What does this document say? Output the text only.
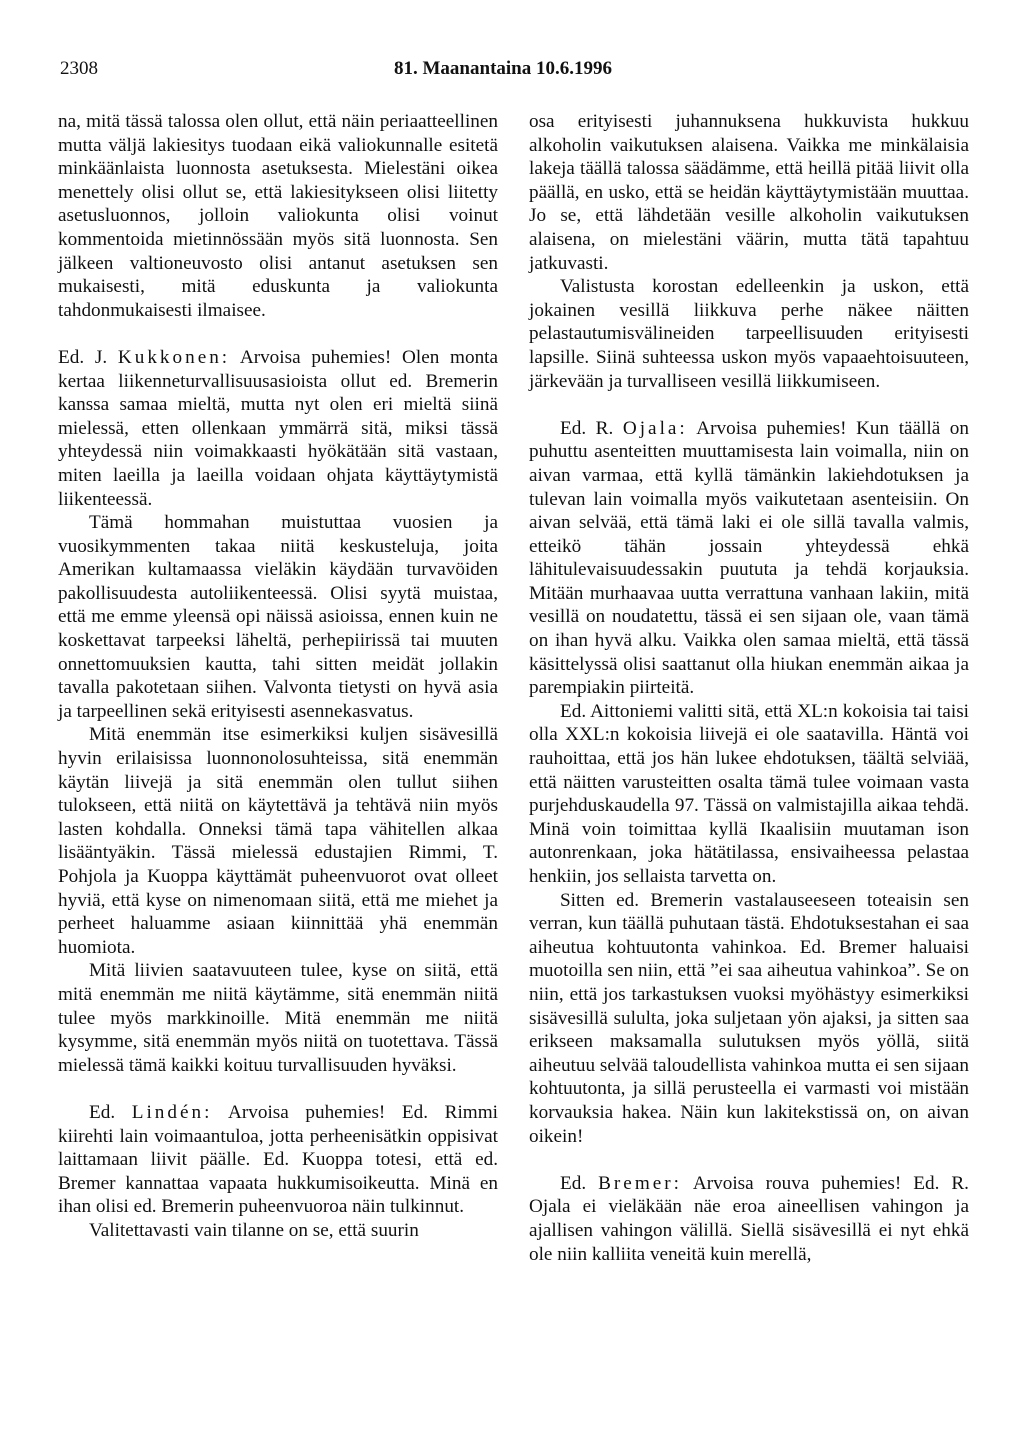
2308	81. Maanantaina 10.6.1996

na, mitä tässä talossa olen ollut, että näin periaatteellinen mutta väljä lakiesitys tuodaan eikä valiokunnalle esitetä minkäänlaista luonnosta asetuksesta. Mielestäni oikea menettely olisi ollut se, että lakiesitykseen olisi liitetty asetusluonnos, jolloin valiokunta olisi voinut kommentoida mietinnössään myös sitä luonnosta. Sen jälkeen valtioneuvosto olisi antanut asetuksen sen mukaisesti, mitä eduskunta ja valiokunta tahdonmukaisesti ilmaisee.

Ed. J. Kukkonen: Arvoisa puhemies! Olen monta kertaa liikenneturvallisuusasioista ollut ed. Bremerin kanssa samaa mieltä, mutta nyt olen eri mieltä siinä mielessä, etten ollenkaan ymmärrä sitä, miksi tässä yhteydessä niin voimakkaasti hyökätään sitä vastaan, miten laeilla ja laeilla voidaan ohjata käyttäytymistä liikenteessä.

Tämä hommahan muistuttaa vuosien ja vuosikymmenten takaa niitä keskusteluja, joita Amerikan kultamaassa vieläkin käydään turvavöiden pakollisuudesta autoliikenteessä. Olisi syytä muistaa, että me emme yleensä opi näissä asioissa, ennen kuin ne koskettavat tarpeeksi läheltä, perhepiirissä tai muuten onnettomuuksien kautta, tahi sitten meidät jollakin tavalla pakotetaan siihen. Valvonta tietysti on hyvä asia ja tarpeellinen sekä erityisesti asennekasvatus.

Mitä enemmän itse esimerkiksi kuljen sisävesillä hyvin erilaisissa luonnonolosuhteissa, sitä enemmän käytän liivejä ja sitä enemmän olen tullut siihen tulokseen, että niitä on käytettävä ja tehtävä niin myös lasten kohdalla. Onneksi tämä tapa vähitellen alkaa lisääntyäkin. Tässä mielessä edustajien Rimmi, T. Pohjola ja Kuoppa käyttämät puheenvuorot ovat olleet hyviä, että kyse on nimenomaan siitä, että me miehet ja perheet haluamme asiaan kiinnittää yhä enemmän huomiota.

Mitä liivien saatavuuteen tulee, kyse on siitä, että mitä enemmän me niitä käytämme, sitä enemmän niitä tulee myös markkinoille. Mitä enemmän me niitä kysymme, sitä enemmän myös niitä on tuotettava. Tässä mielessä tämä kaikki koituu turvallisuuden hyväksi.

Ed. Lindén: Arvoisa puhemies! Ed. Rimmi kiirehti lain voimaantuloa, jotta perheenisätkin oppisivat laittamaan liivit päälle. Ed. Kuoppa totesi, että ed. Bremer kannattaa vapaata hukkumisoikeutta. Minä en ihan olisi ed. Bremerin puheenvuoroa näin tulkinnut.

Valitettavasti vain tilanne on se, että suurin

osa erityisesti juhannuksena hukkuvista hukkuu alkoholin vaikutuksen alaisena. Vaikka me minkälaisia lakeja täällä talossa säädämme, että heillä pitää liivit olla päällä, en usko, että se heidän käyttäytymistään muuttaa. Jo se, että lähdetään vesille alkoholin vaikutuksen alaisena, on mielestäni väärin, mutta tätä tapahtuu jatkuvasti.

Valistusta korostan edelleenkin ja uskon, että jokainen vesillä liikkuva perhe näkee näitten pelastautumisvälineiden tarpeellisuuden erityisesti lapsille. Siinä suhteessa uskon myös vapaaehtoisuuteen, järkevään ja turvalliseen vesillä liikkumiseen.

Ed. R. Ojala: Arvoisa puhemies! Kun täällä on puhuttu asenteitten muuttamisesta lain voimalla, niin on aivan varmaa, että kyllä tämänkin lakiehdotuksen ja tulevan lain voimalla myös vaikutetaan asenteisiin. On aivan selvää, että tämä laki ei ole sillä tavalla valmis, etteikö tähän jossain yhteydessä ehkä lähitulevaisuudessakin puututa ja tehdä korjauksia. Mitään murhaavaa uutta verrattuna vanhaan lakiin, mitä vesillä on noudatettu, tässä ei sen sijaan ole, vaan tämä on ihan hyvä alku. Vaikka olen samaa mieltä, että tässä käsittelyssä olisi saattanut olla hiukan enemmän aikaa ja parempiakin piirteitä.

Ed. Aittoniemi valitti sitä, että XL:n kokoisia tai taisi olla XXL:n kokoisia liivejä ei ole saatavilla. Häntä voi rauhoittaa, että jos hän lukee ehdotuksen, täältä selviää, että näitten varusteitten osalta tämä tulee voimaan vasta purjehduskaudella 97. Tässä on valmistajilla aikaa tehdä. Minä voin toimittaa kyllä Ikaalisiin muutaman ison autonrenkaan, joka hätätilassa, ensivaiheessa pelastaa henkiin, jos sellaista tarvetta on.

Sitten ed. Bremerin vastalauseeseen toteaisin sen verran, kun täällä puhutaan tästä. Ehdotuksestahan ei saa aiheutua kohtuutonta vahinkoa. Ed. Bremer haluaisi muotoilla sen niin, että ”ei saa aiheutua vahinkoa”. Se on niin, että jos tarkastuksen vuoksi myöhästyy esimerkiksi sisävesillä sululta, joka suljetaan yön ajaksi, ja sitten saa erikseen maksamalla sulutuksen myös yöllä, siitä aiheutuu selvää taloudellista vahinkoa mutta ei sen sijaan kohtuutonta, ja sillä perusteella ei varmasti voi mistään korvauksia hakea. Näin kun lakitekstissä on, on aivan oikein!

Ed. Bremer: Arvoisa rouva puhemies! Ed. R. Ojala ei vieläkään näe eroa aineellisen vahingon ja ajallisen vahingon välillä. Siellä sisävesillä ei nyt ehkä ole niin kalliita veneitä kuin merellä,
